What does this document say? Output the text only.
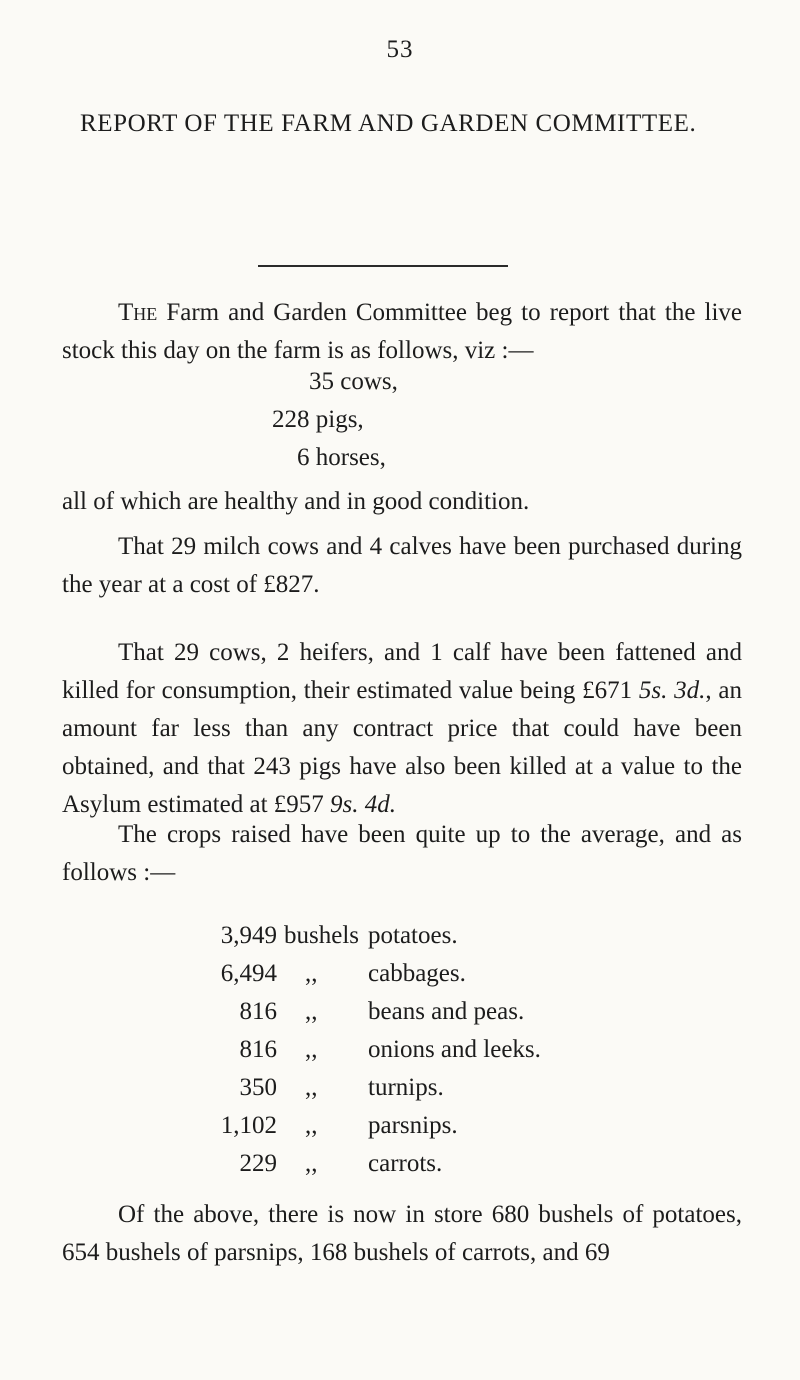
53
REPORT OF THE FARM AND GARDEN COMMITTEE.
The Farm and Garden Committee beg to report that the live stock this day on the farm is as follows, viz :—
35 cows,
228 pigs,
6 horses,
all of which are healthy and in good condition.
That 29 milch cows and 4 calves have been purchased during the year at a cost of £827.
That 29 cows, 2 heifers, and 1 calf have been fattened and killed for consumption, their estimated value being £671 5s. 3d., an amount far less than any contract price that could have been obtained, and that 243 pigs have also been killed at a value to the Asylum estimated at £957 9s. 4d.
The crops raised have been quite up to the average, and as follows :—
3,949 bushels potatoes.
6,494 ,, cabbages.
816 ,, beans and peas.
816 ,, onions and leeks.
350 ,, turnips.
1,102 ,, parsnips.
229 ,, carrots.
Of the above, there is now in store 680 bushels of potatoes, 654 bushels of parsnips, 168 bushels of carrots, and 69
